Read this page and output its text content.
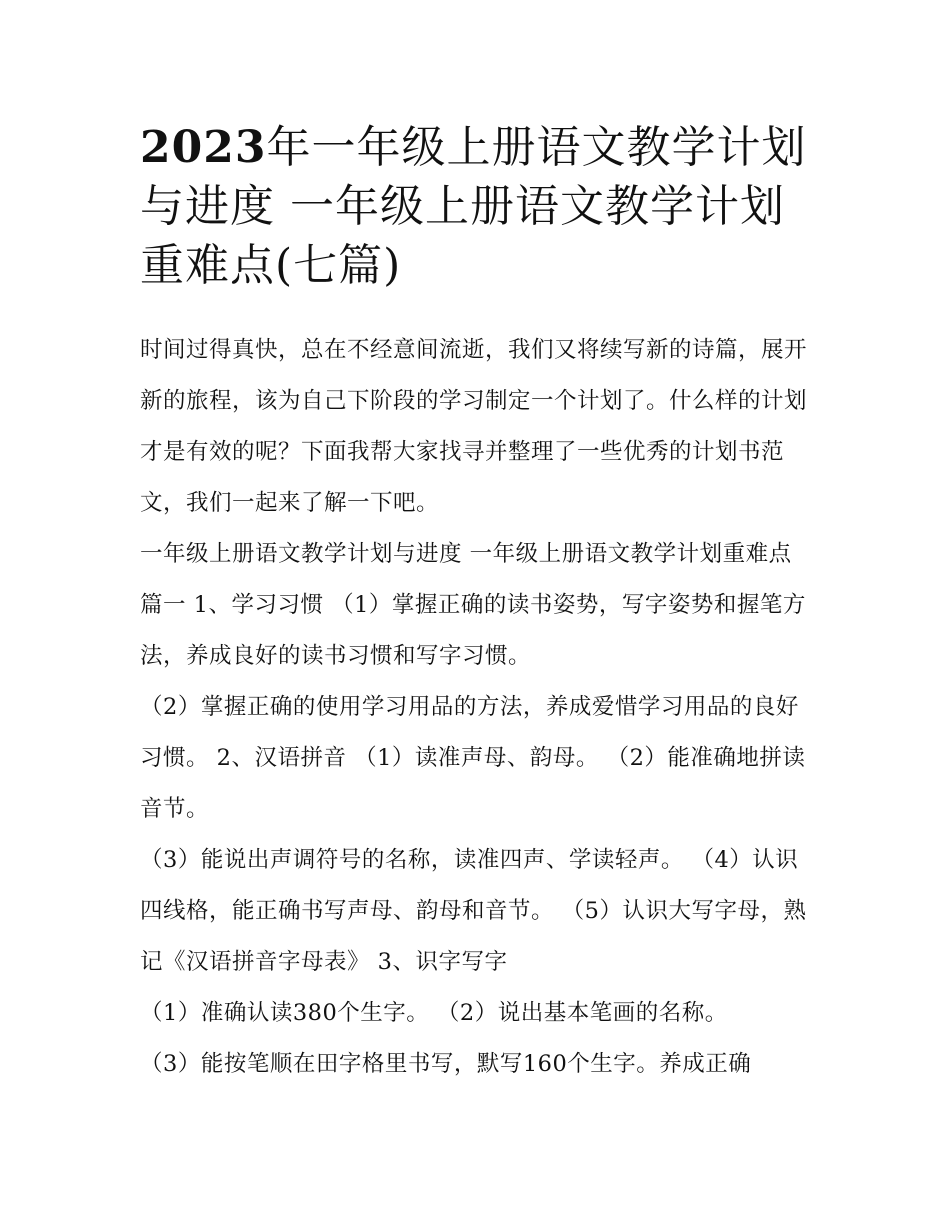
2023年一年级上册语文教学计划与进度 一年级上册语文教学计划重难点(七篇)

时间过得真快，总在不经意间流逝，我们又将续写新的诗篇，展开新的旅程，该为自己下阶段的学习制定一个计划了。什么样的计划才是有效的呢？下面我帮大家找寻并整理了一些优秀的计划书范文，我们一起来了解一下吧。

一年级上册语文教学计划与进度 一年级上册语文教学计划重难点篇一 1、学习习惯 （1）掌握正确的读书姿势，写字姿势和握笔方法，养成良好的读书习惯和写字习惯。

（2）掌握正确的使用学习用品的方法，养成爱惜学习用品的良好习惯。 2、汉语拼音 （1）读准声母、韵母。 （2）能准确地拼读音节。

（3）能说出声调符号的名称，读准四声、学读轻声。 （4）认识四线格，能正确书写声母、韵母和音节。 （5）认识大写字母，熟记《汉语拼音字母表》 3、识字写字

（1）准确认读380个生字。 （2）说出基本笔画的名称。

（3）能按笔顺在田字格里书写，默写160个生字。养成正确
